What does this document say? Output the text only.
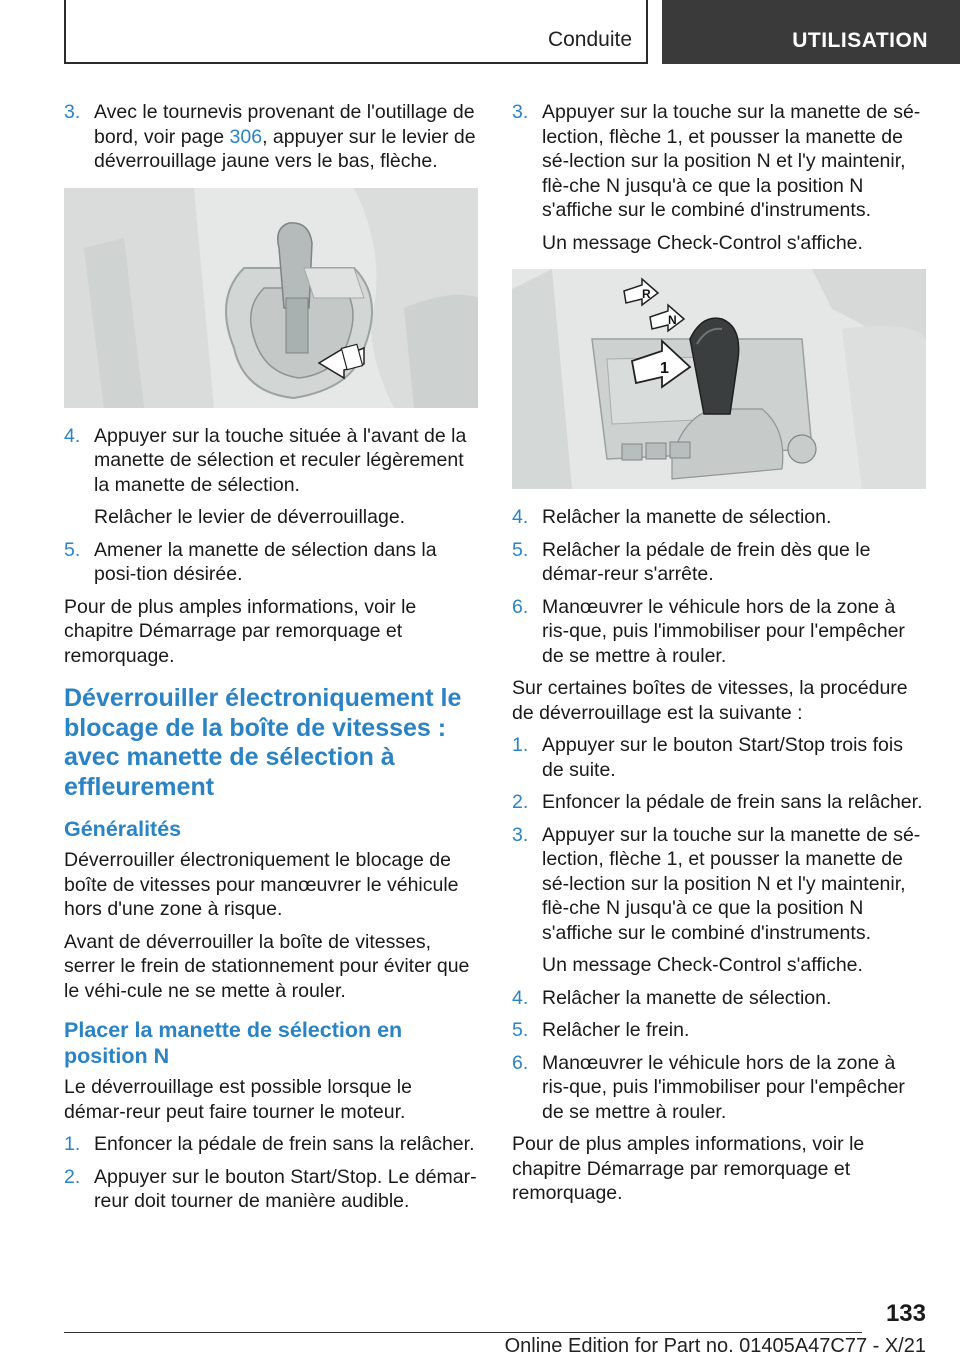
Conduite	UTILISATION
3. Avec le tournevis provenant de l'outillage de bord, voir page 306, appuyer sur le levier de déverrouillage jaune vers le bas, flèche.
4. Appuyer sur la touche située à l'avant de la manette de sélection et reculer légèrement la manette de sélection.

Relâcher le levier de déverrouillage.

5. Amener la manette de sélection dans la posi‐tion désirée.

Pour de plus amples informations, voir le chapitre Démarrage par remorquage et remorquage.

Déverrouiller électroniquement le blocage de la boîte de vitesses : avec manette de sélection à effleurement
Généralités

Déverrouiller électroniquement le blocage de boîte de vitesses pour manœuvrer le véhicule hors d'une zone à risque.

Avant de déverrouiller la boîte de vitesses, serrer le frein de stationnement pour éviter que le véhi‐cule ne se mette à rouler.

Placer la manette de sélection en position N

Le déverrouillage est possible lorsque le démar‐reur peut faire tourner le moteur.

1. Enfoncer la pédale de frein sans la relâcher.
2. Appuyer sur le bouton Start/Stop. Le démar‐reur doit tourner de manière audible.
3. Appuyer sur la touche sur la manette de sé‐lection, flèche 1, et pousser la manette de sé‐lection sur la position N et l'y maintenir, flè‐che N jusqu'à ce que la position N s'affiche sur le combiné d'instruments.

Un message Check-Control s'affiche.

R
N
1
4. Relâcher la manette de sélection.
5. Relâcher la pédale de frein dès que le démar‐reur s'arrête.
6. Manœuvrer le véhicule hors de la zone à ris‐que, puis l'immobiliser pour l'empêcher de se mettre à rouler.

Sur certaines boîtes de vitesses, la procédure de déverrouillage est la suivante :

1. Appuyer sur le bouton Start/Stop trois fois de suite.
2. Enfoncer la pédale de frein sans la relâcher.
3. Appuyer sur la touche sur la manette de sé‐lection, flèche 1, et pousser la manette de sé‐lection sur la position N et l'y maintenir, flè‐che N jusqu'à ce que la position N s'affiche sur le combiné d'instruments.

Un message Check-Control s'affiche.

4. Relâcher la manette de sélection.
5. Relâcher le frein.
6. Manœuvrer le véhicule hors de la zone à ris‐que, puis l'immobiliser pour l'empêcher de se mettre à rouler.

Pour de plus amples informations, voir le chapitre Démarrage par remorquage et remorquage.

133
Online Edition for Part no. 01405A47C77 - X/21
